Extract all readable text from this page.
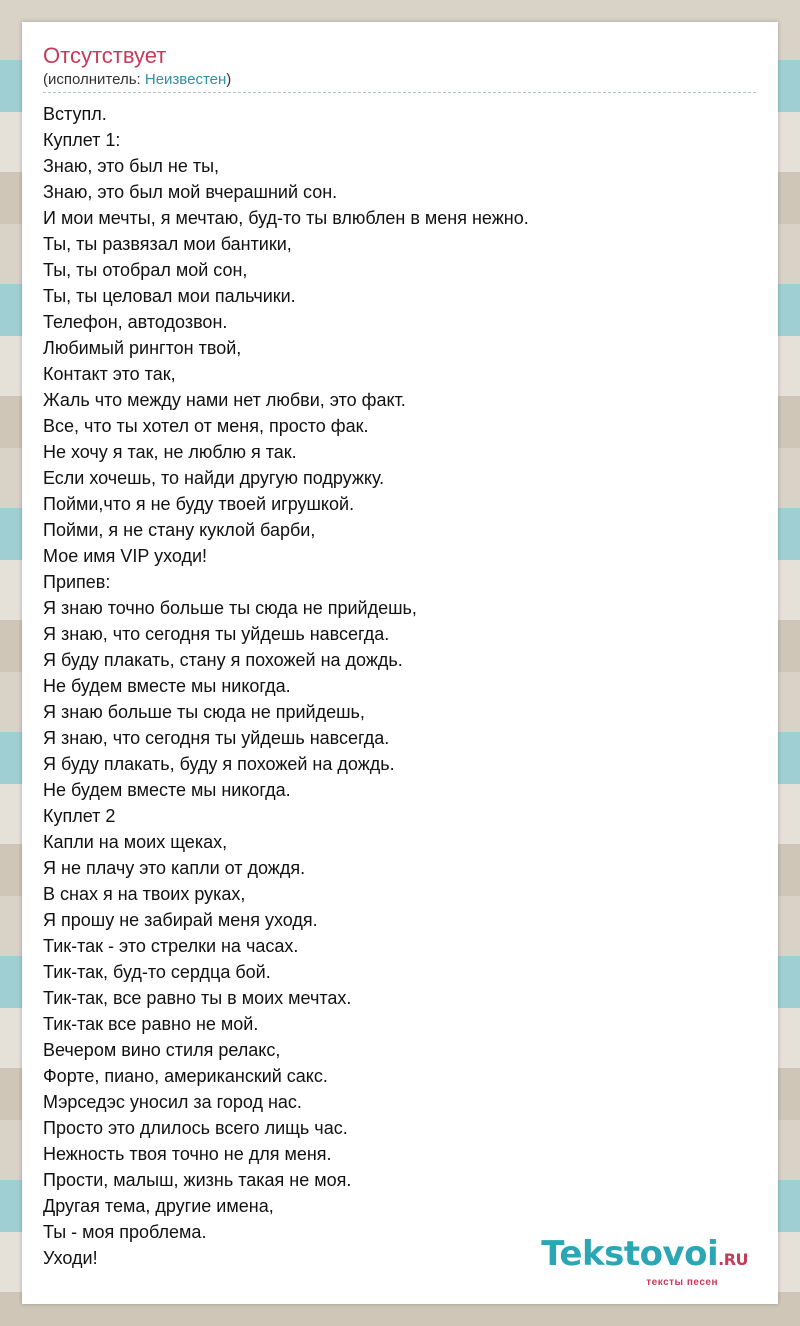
Отсутствует
(исполнитель: Неизвестен)
Вступл.
Куплет 1:
Знаю, это был не ты,
Знаю, это был мой вчерашний сон.
И мои мечты, я мечтаю, буд-то ты влюблен в меня нежно.
Ты, ты развязал мои бантики,
Ты, ты отобрал мой сон,
Ты, ты целовал мои пальчики.
Телефон, автодозвон.
Любимый рингтон твой,
Контакт это так,
Жаль что между нами нет любви, это факт.
Все, что ты хотел от меня, просто фак.
Не хочу я так, не люблю я так.
Если хочешь, то найди другую подружку.
Пойми,что я не буду твоей игрушкой.
Пойми, я не стану куклой барби,
Мое имя VIP уходи!
Припев:
Я знаю точно больше ты сюда не прийдешь,
Я знаю, что сегодня ты уйдешь навсегда.
Я буду плакать, стану я похожей на дождь.
Не будем вместе мы никогда.
Я знаю больше ты сюда не прийдешь,
Я знаю, что сегодня ты уйдешь навсегда.
Я буду плакать, буду я похожей на дождь.
Не будем вместе мы никогда.
Куплет 2
Капли на моих щеках,
Я не плачу это капли от дождя.
В снах я на твоих руках,
Я прошу не забирай меня уходя.
Тик-так - это стрелки на часах.
Тик-так, буд-то сердца бой.
Тик-так, все равно ты в моих мечтах.
Тик-так все равно не мой.
Вечером вино стиля релакс,
Форте, пиано, американский сакс.
Мэрседэс уносил за город нас.
Просто это длилось всего лищь час.
Нежность твоя точно не для меня.
Прости, малыш, жизнь такая не моя.
Другая тема, другие имена,
Ты - моя проблема.
Уходи!	Tekstovoi.RU
тексты песен
